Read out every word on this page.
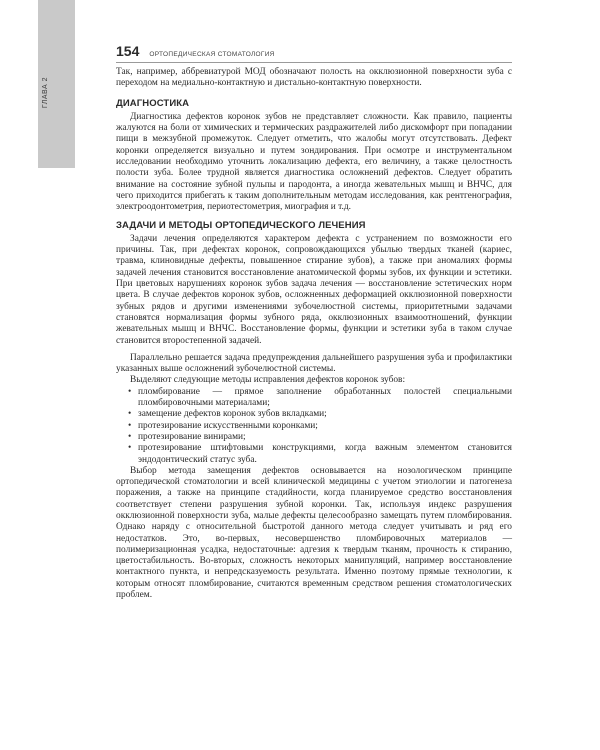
ГЛАВА 2
154 ОРТОПЕДИЧЕСКАЯ СТОМАТОЛОГИЯ

Так, например, аббревиатурой МОД обозначают полость на окклюзионной поверхности зуба с переходом на медиально-контактную и дистально-контактную поверхности.

ДИАГНОСТИКА

Диагностика дефектов коронок зубов не представляет сложности. Как правило, пациенты жалуются на боли от химических и термических раздражителей либо дискомфорт при попадании пищи в межзубной промежуток. Следует отметить, что жалобы могут отсутствовать. Дефект коронки определяется визуально и путем зондирования. При осмотре и инструментальном исследовании необходимо уточнить локализацию дефекта, его величину, а также целостность полости зуба. Более трудной является диагностика осложнений дефектов. Следует обратить внимание на состояние зубной пульпы и пародонта, а иногда жевательных мышц и ВНЧС, для чего приходится прибегать к таким дополнительным методам исследования, как рентгенография, электроодонтометрия, периотестометрия, миография и т.д.

ЗАДАЧИ И МЕТОДЫ ОРТОПЕДИЧЕСКОГО ЛЕЧЕНИЯ

Задачи лечения определяются характером дефекта с устранением по возможности его причины. Так, при дефектах коронок, сопровождающихся убылью твердых тканей (кариес, травма, клиновидные дефекты, повышенное стирание зубов), а также при аномалиях формы задачей лечения становится восстановление анатомической формы зубов, их функции и эстетики. При цветовых нарушениях коронок зубов задача лечения — восстановление эстетических норм цвета. В случае дефектов коронок зубов, осложненных деформацией окклюзионной поверхности зубных рядов и другими изменениями зубочелюстной системы, приоритетными задачами становятся нормализация формы зубного ряда, окклюзионных взаимоотношений, функции жевательных мышц и ВНЧС. Восстановление формы, функции и эстетики зуба в таком случае становится второстепенной задачей.

Параллельно решается задача предупреждения дальнейшего разрушения зуба и профилактики указанных выше осложнений зубочелюстной системы.

Выделяют следующие методы исправления дефектов коронок зубов:

• пломбирование — прямое заполнение обработанных полостей специальными пломбировочными материалами;
• замещение дефектов коронок зубов вкладками;
• протезирование искусственными коронками;
• протезирование винирами;
• протезирование штифтовыми конструкциями, когда важным элементом становится эндодонтический статус зуба.

Выбор метода замещения дефектов основывается на нозологическом принципе ортопедической стоматологии и всей клинической медицины с учетом этиологии и патогенеза поражения, а также на принципе стадийности, когда планируемое средство восстановления соответствует степени разрушения зубной коронки. Так, используя индекс разрушения окклюзионной поверхности зуба, малые дефекты целесообразно замещать путем пломбирования. Однако наряду с относительной быстротой данного метода следует учитывать и ряд его недостатков. Это, во-первых, несовершенство пломбировочных материалов — полимеризационная усадка, недостаточные: адгезия к твердым тканям, прочность к стиранию, цветостабильность. Во-вторых, сложность некоторых манипуляций, например восстановление контактного пункта, и непредсказуемость результата. Именно поэтому прямые технологии, к которым относят пломбирование, считаются временным средством решения стоматологических проблем.
